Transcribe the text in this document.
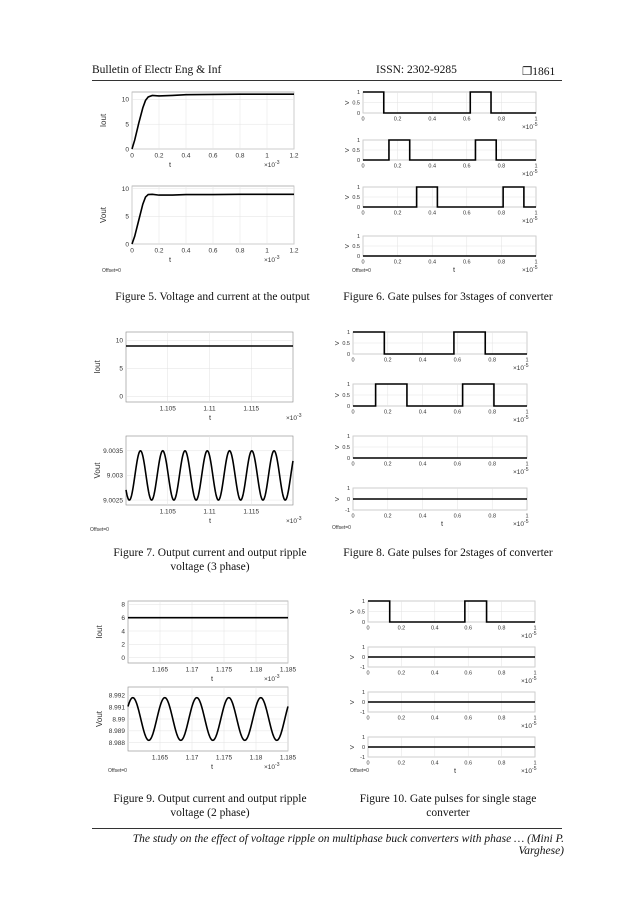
Bulletin of Electr Eng & Inf	ISSN: 2302-9285	❐1861
0	0.2	0.4	0.6	0.8	1	1.2
0
5
10
Iout
t	$\times 10^{-3}$
0	0.2	0.4	0.6	0.8	1	1.2
0
5
10
Vout
t	$\times 10^{-3}$
Offset=0
0	0.2	0.4	0.6	0.8	1
0
0.5
1
>
$\times 10^{-5}$
0	0.2	0.4	0.6	0.8	1
0
0.5
1
>
$\times 10^{-5}$
0	0.2	0.4	0.6	0.8	1
0
0.5
1
>
$\times 10^{-5}$
0	0.2	0.4	0.6	0.8	1
0
0.5
1
>
$\times 10^{-5}$
t
Offset=0
1.105	1.11	1.115
0
5
10
Iout
t	$\times 10^{-3}$
1.105	1.11	1.115
9.0025
9.003
9.0035
Vout
t	$\times 10^{-3}$
Offset=0
0	0.2	0.4	0.6	0.8	1
0
0.5
1
>
$\times 10^{-5}$
0	0.2	0.4	0.6	0.8	1
0
0.5
1
>
$\times 10^{-5}$
0	0.2	0.4	0.6	0.8	1
0
0.5
1
>
$\times 10^{-5}$
0	0.2	0.4	0.6	0.8	1
-1
0
1
>
$\times 10^{-5}$
t
Offset=0
1.165	1.17	1.175	1.18	1.185
0
2
4
6
8
Iout
t	$\times 10^{-3}$
1.165	1.17	1.175	1.18	1.185
8.988
8.989
8.99
8.991
8.992
Vout
t	$\times 10^{-3}$
Offset=0
0	0.2	0.4	0.6	0.8	1
0
0.5
1
>
$\times 10^{-5}$
0	0.2	0.4	0.6	0.8	1
-1
0
1
>
$\times 10^{-5}$
0	0.2	0.4	0.6	0.8	1
-1
0
1
>
$\times 10^{-5}$
0	0.2	0.4	0.6	0.8	1
-1
0
1
>
$\times 10^{-5}$
t
Offset=0
Figure 5. Voltage and current at the output	Figure 6. Gate pulses for 3stages of converter
Figure 7. Output current and output ripple voltage (3 phase)
Figure 8. Gate pulses for 2stages of converter
Figure 9. Output current and output ripple voltage (2 phase)
Figure 10. Gate pulses for single stage converter
The study on the effect of voltage ripple on multiphase buck converters with phase … (Mini P. Varghese)
